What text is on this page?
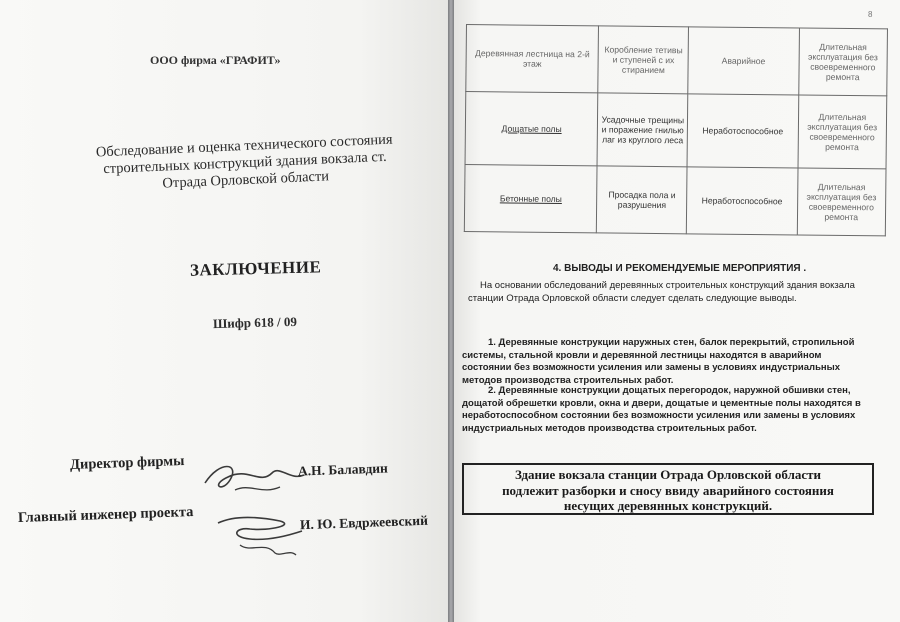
ООО фирма «ГРАФИТ»
Обследование и оценка технического состояния строительных конструкций здания вокзала ст. Отрада Орловской области
ЗАКЛЮЧЕНИЕ
Шифр 618 / 09
Директор фирмы	А.Н. Балавдин
Главный инженер проекта	И. Ю. Евдржеевский
8
Деревянная лестница на 2-й этаж	Коробление тетивы и ступеней с их стиранием	Аварийное	Длительная эксплуатация без своевременного ремонта
Дощатые полы	Усадочные трещины и поражение гнилью лаг из круглого леса	Неработоспособное	Длительная эксплуатация без своевременного ремонта
Бетонные полы	Просадка пола и разрушения	Неработоспособное	Длительная эксплуатация без своевременного ремонта
4. ВЫВОДЫ И РЕКОМЕНДУЕМЫЕ МЕРОПРИЯТИЯ .
На основании обследований деревянных строительных конструкций здания вокзала станции Отрада Орловской области следует сделать следующие выводы.
1. Деревянные конструкции наружных стен, балок перекрытий, стропильной системы, стальной кровли и деревянной лестницы находятся в аварийном состоянии без возможности усиления или замены в условиях индустриальных методов производства строительных работ.
2. Деревянные конструкции дощатых перегородок, наружной обшивки стен, дощатой обрешетки кровли, окна и двери, дощатые и цементные полы находятся в неработоспособном состоянии без возможности усиления или замены в условиях индустриальных методов производства строительных работ.
Здание вокзала станции Отрада Орловской области
подлежит разборки и сносу ввиду аварийного состояния
несущих деревянных конструкций.
